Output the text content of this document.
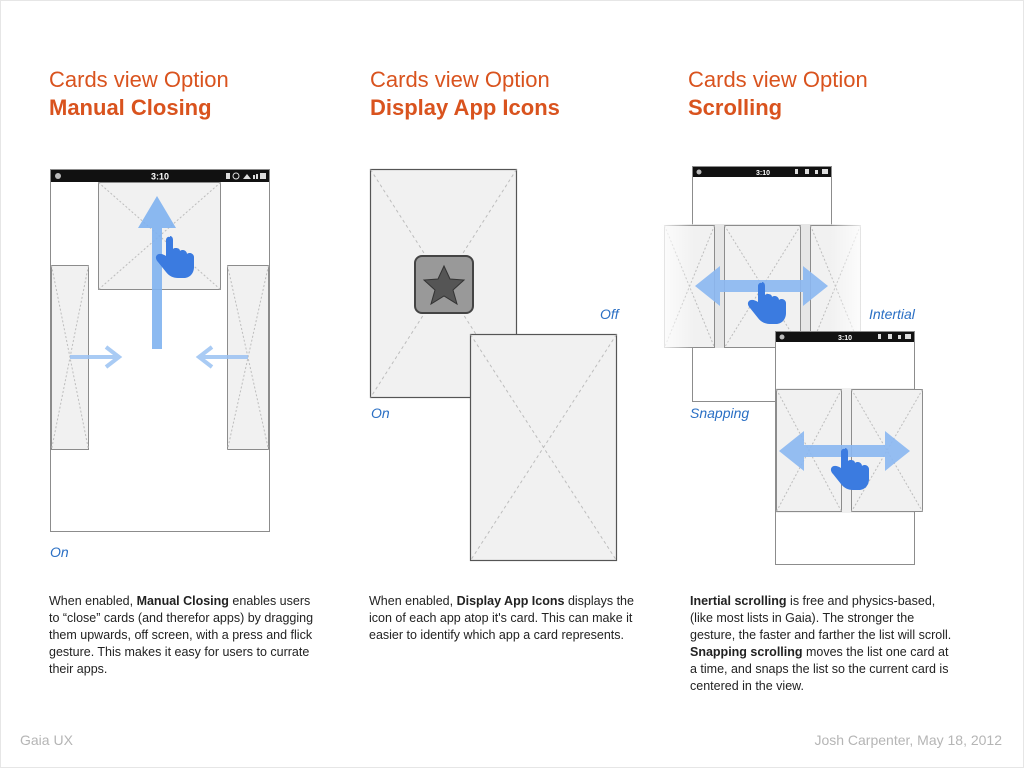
Cards view Option
Manual Closing
Cards view Option
Display App Icons
Cards view Option
Scrolling
3:10	3:10
3:10
On
Off
On
Intertial
Snapping
When enabled, Manual Closing enables users to “close” cards (and therefor apps) by dragging them upwards, off screen, with a press and flick gesture. This makes it easy for users to currate their apps.
When enabled, Display App Icons displays the icon of each app atop it's card. This can make it easier to identify which app a card represents.
Inertial scrolling is free and physics-based, (like most lists in Gaia). The stronger the gesture, the faster and farther the list will scroll. Snapping scrolling moves the list one card at a time, and snaps the list so the current card is centered in the view.
Gaia UX	Josh Carpenter, May 18, 2012
